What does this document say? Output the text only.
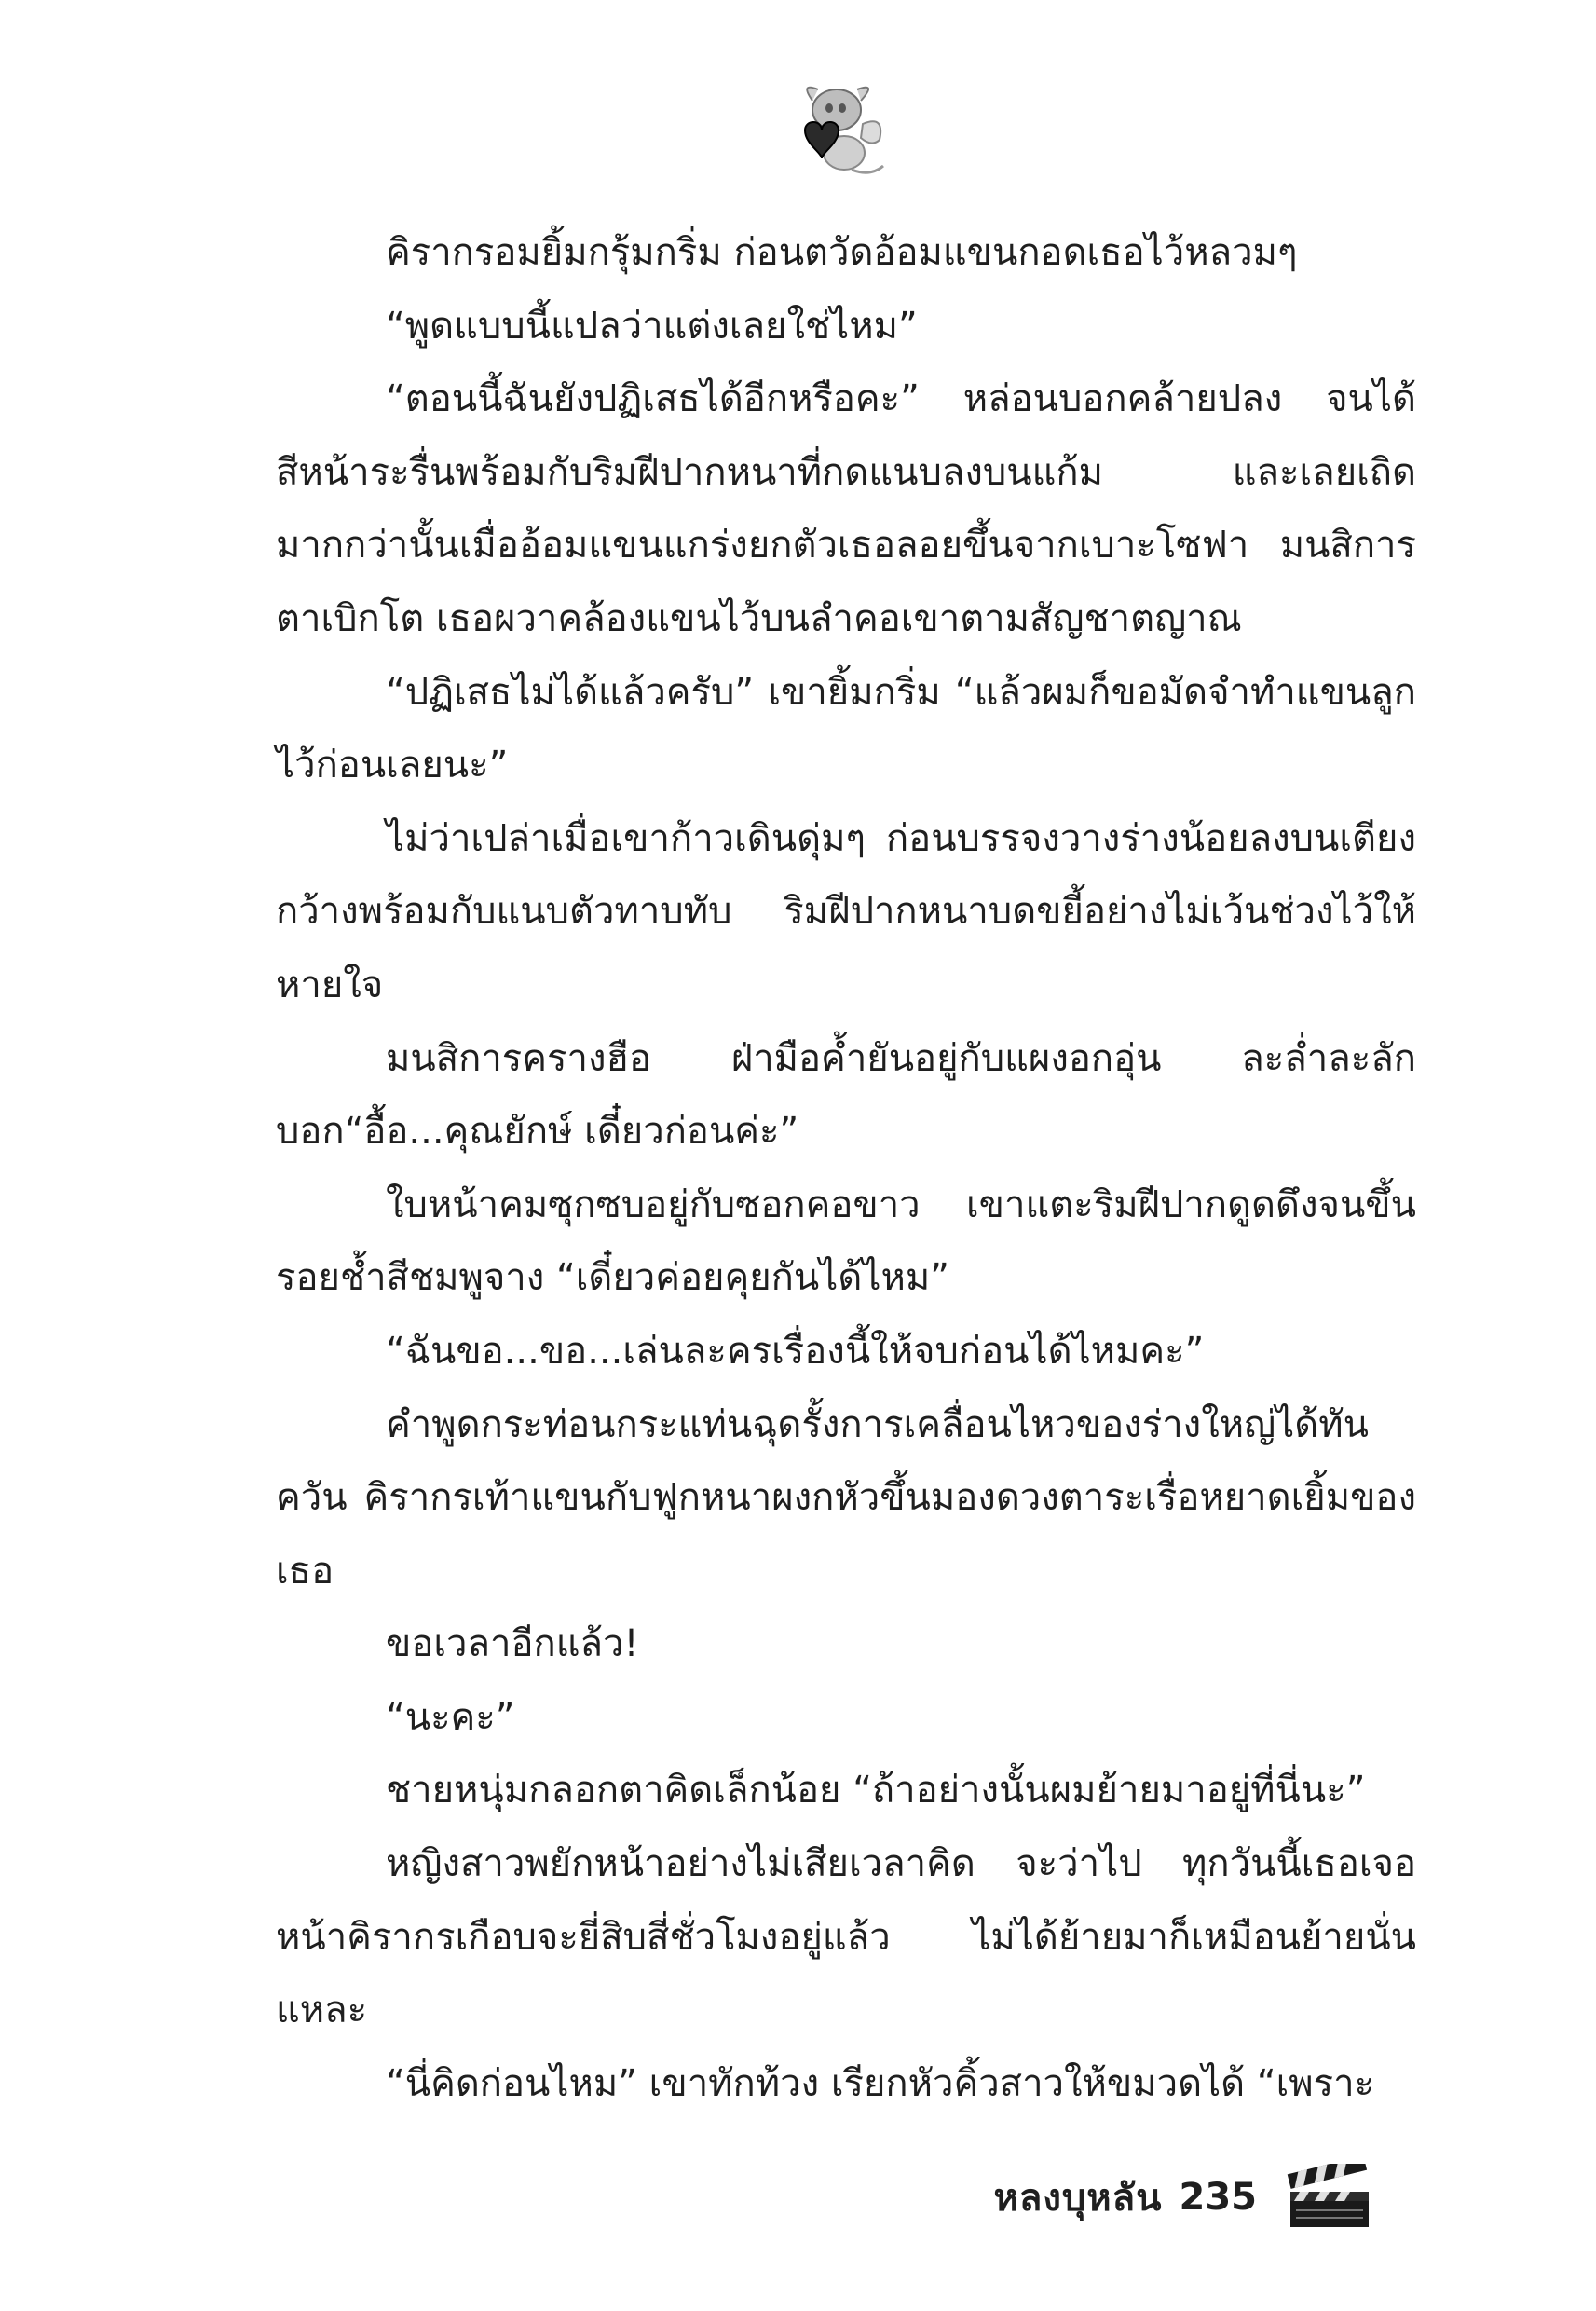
คิรากรอมยิ้มกรุ้มกริ่ม ก่อนตวัดอ้อมแขนกอดเธอไว้หลวมๆ

“พูดแบบนี้แปลว่าแต่งเลยใช่ไหม”

“ตอนนี้ฉันยังปฏิเสธได้อีกหรือคะ” หล่อนบอกคล้ายปลง จนได้สีหน้าระรื่นพร้อมกับริมฝีปากหนาที่กดแนบลงบนแก้ม และเลยเถิดมากกว่านั้นเมื่ออ้อมแขนแกร่งยกตัวเธอลอยขึ้นจากเบาะโซฟา มนสิการตาเบิกโต เธอผวาคล้องแขนไว้บนลำคอเขาตามสัญชาตญาณ

“ปฏิเสธไม่ได้แล้วครับ” เขายิ้มกริ่ม “แล้วผมก็ขอมัดจำทำแขนลูกไว้ก่อนเลยนะ”

ไม่ว่าเปล่าเมื่อเขาก้าวเดินดุ่มๆ ก่อนบรรจงวางร่างน้อยลงบนเตียงกว้างพร้อมกับแนบตัวทาบทับ ริมฝีปากหนาบดขยี้อย่างไม่เว้นช่วงไว้ให้หายใจ

มนสิการครางฮือ ฝ่ามือค้ำยันอยู่กับแผงอกอุ่น ละล่ำละลักบอก“อื้อ...คุณยักษ์ เดี๋ยวก่อนค่ะ”

ใบหน้าคมซุกซบอยู่กับซอกคอขาว เขาแตะริมฝีปากดูดดึงจนขึ้นรอยช้ำสีชมพูจาง “เดี๋ยวค่อยคุยกันได้ไหม”

“ฉันขอ...ขอ...เล่นละครเรื่องนี้ให้จบก่อนได้ไหมคะ”

คำพูดกระท่อนกระแท่นฉุดรั้งการเคลื่อนไหวของร่างใหญ่ได้ทันควัน คิรากรเท้าแขนกับฟูกหนาผงกหัวขึ้นมองดวงตาระเรื่อหยาดเยิ้มของเธอ

ขอเวลาอีกแล้ว!

“นะคะ”

ชายหนุ่มกลอกตาคิดเล็กน้อย “ถ้าอย่างนั้นผมย้ายมาอยู่ที่นี่นะ”

หญิงสาวพยักหน้าอย่างไม่เสียเวลาคิด จะว่าไป ทุกวันนี้เธอเจอหน้าคิรากรเกือบจะยี่สิบสี่ชั่วโมงอยู่แล้ว ไม่ได้ย้ายมาก็เหมือนย้ายนั่นแหละ

“นี่คิดก่อนไหม” เขาทักท้วง เรียกหัวคิ้วสาวให้ขมวดได้ “เพราะ

หลงบุหลัน 235
